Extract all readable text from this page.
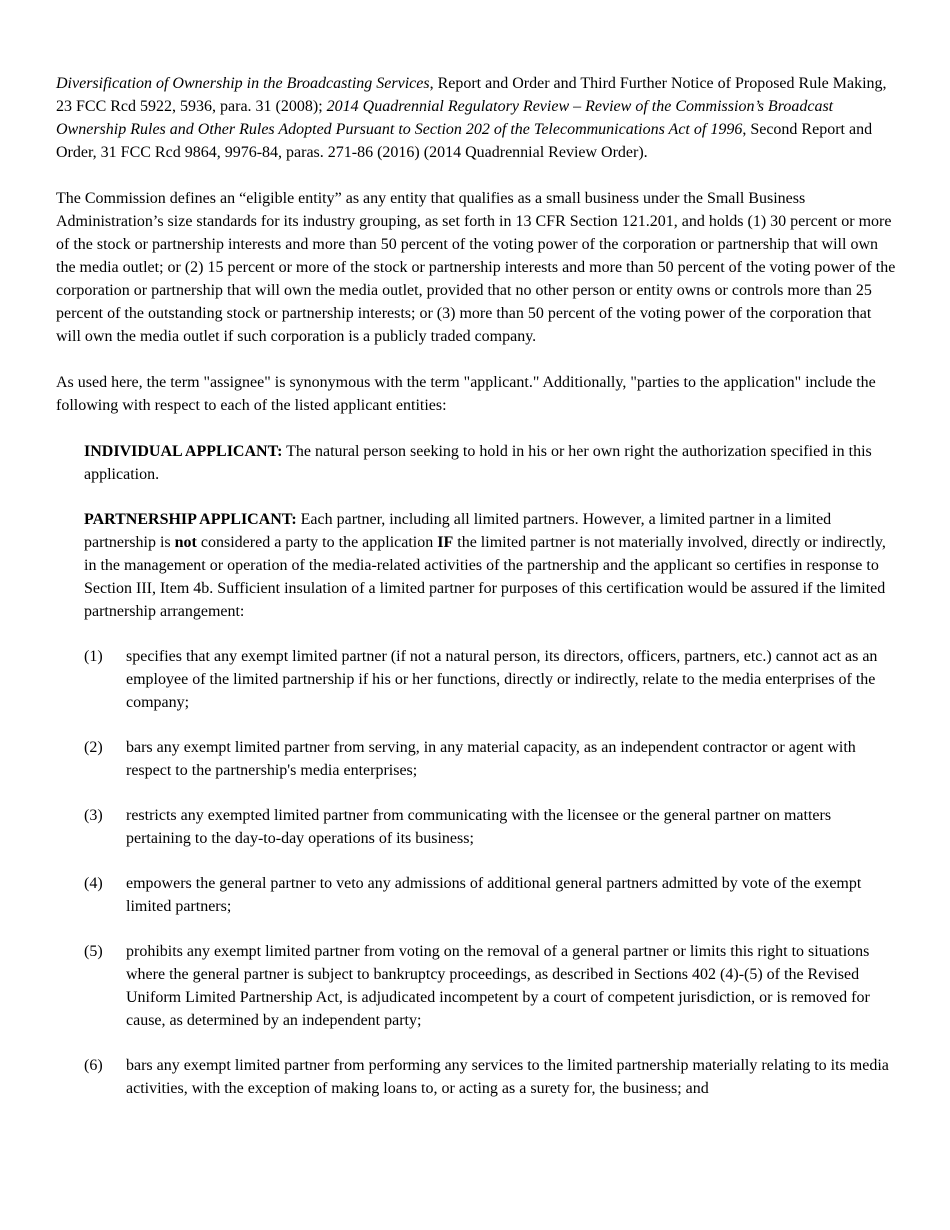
Diversification of Ownership in the Broadcasting Services, Report and Order and Third Further Notice of Proposed Rule Making, 23 FCC Rcd 5922, 5936, para. 31 (2008); 2014 Quadrennial Regulatory Review – Review of the Commission’s Broadcast Ownership Rules and Other Rules Adopted Pursuant to Section 202 of the Telecommunications Act of 1996, Second Report and Order, 31 FCC Rcd 9864, 9976-84, paras. 271-86 (2016) (2014 Quadrennial Review Order).

The Commission defines an “eligible entity” as any entity that qualifies as a small business under the Small Business Administration’s size standards for its industry grouping, as set forth in 13 CFR Section 121.201, and holds (1) 30 percent or more of the stock or partnership interests and more than 50 percent of the voting power of the corporation or partnership that will own the media outlet; or (2) 15 percent or more of the stock or partnership interests and more than 50 percent of the voting power of the corporation or partnership that will own the media outlet, provided that no other person or entity owns or controls more than 25 percent of the outstanding stock or partnership interests; or (3) more than 50 percent of the voting power of the corporation that will own the media outlet if such corporation is a publicly traded company.

As used here, the term "assignee" is synonymous with the term "applicant." Additionally, "parties to the application" include the following with respect to each of the listed applicant entities:

INDIVIDUAL APPLICANT: The natural person seeking to hold in his or her own right the authorization specified in this application.

PARTNERSHIP APPLICANT: Each partner, including all limited partners. However, a limited partner in a limited partnership is not considered a party to the application IF the limited partner is not materially involved, directly or indirectly, in the management or operation of the media-related activities of the partnership and the applicant so certifies in response to Section III, Item 4b. Sufficient insulation of a limited partner for purposes of this certification would be assured if the limited partnership arrangement:

(1)	specifies that any exempt limited partner (if not a natural person, its directors, officers, partners, etc.) cannot act as an employee of the limited partnership if his or her functions, directly or indirectly, relate to the media enterprises of the company;
(2)	bars any exempt limited partner from serving, in any material capacity, as an independent contractor or agent with respect to the partnership's media enterprises;
(3)	restricts any exempted limited partner from communicating with the licensee or the general partner on matters pertaining to the day-to-day operations of its business;
(4)	empowers the general partner to veto any admissions of additional general partners admitted by vote of the exempt limited partners;
(5)	prohibits any exempt limited partner from voting on the removal of a general partner or limits this right to situations where the general partner is subject to bankruptcy proceedings, as described in Sections 402 (4)-(5) of the Revised Uniform Limited Partnership Act, is adjudicated incompetent by a court of competent jurisdiction, or is removed for cause, as determined by an independent party;
(6)	bars any exempt limited partner from performing any services to the limited partnership materially relating to its media activities, with the exception of making loans to, or acting as a surety for, the business; and
